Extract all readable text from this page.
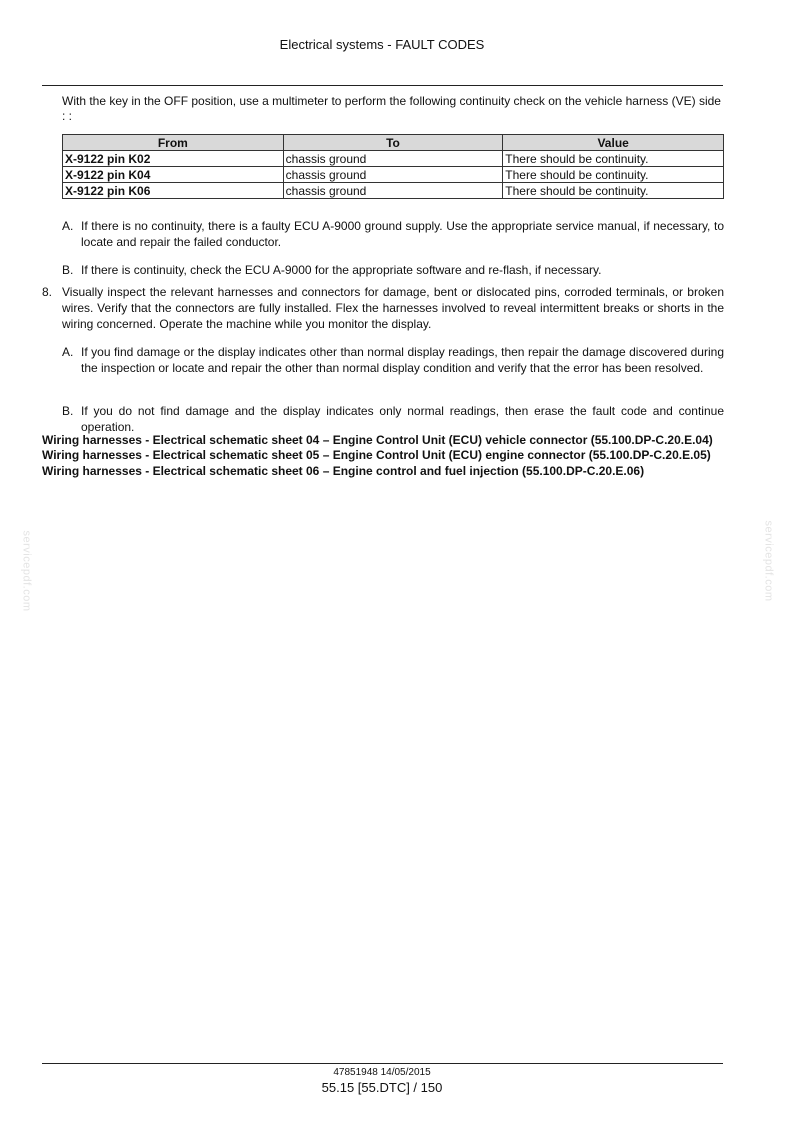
Electrical systems - FAULT CODES
With the key in the OFF position, use a multimeter to perform the following continuity check on the vehicle harness (VE) side : :
From	To	Value
X-9122 pin K02	chassis ground	There should be continuity.
X-9122 pin K04	chassis ground	There should be continuity.
X-9122 pin K06	chassis ground	There should be continuity.
A. If there is no continuity, there is a faulty ECU A-9000 ground supply. Use the appropriate service manual, if necessary, to locate and repair the failed conductor.
B. If there is continuity, check the ECU A-9000 for the appropriate software and re-flash, if necessary.
8. Visually inspect the relevant harnesses and connectors for damage, bent or dislocated pins, corroded terminals, or broken wires. Verify that the connectors are fully installed. Flex the harnesses involved to reveal intermittent breaks or shorts in the wiring concerned. Operate the machine while you monitor the display.
A. If you find damage or the display indicates other than normal display readings, then repair the damage discovered during the inspection or locate and repair the other than normal display condition and verify that the error has been resolved.
B. If you do not find damage and the display indicates only normal readings, then erase the fault code and continue operation.
Wiring harnesses - Electrical schematic sheet 04 – Engine Control Unit (ECU) vehicle connector (55.100.DP-C.20.E.04)
Wiring harnesses - Electrical schematic sheet 05 – Engine Control Unit (ECU) engine connector (55.100.DP-C.20.E.05)
Wiring harnesses - Electrical schematic sheet 06 – Engine control and fuel injection (55.100.DP-C.20.E.06)
servicepdf.com	servicepdf.com
47851948 14/05/2015
55.15 [55.DTC] / 150
